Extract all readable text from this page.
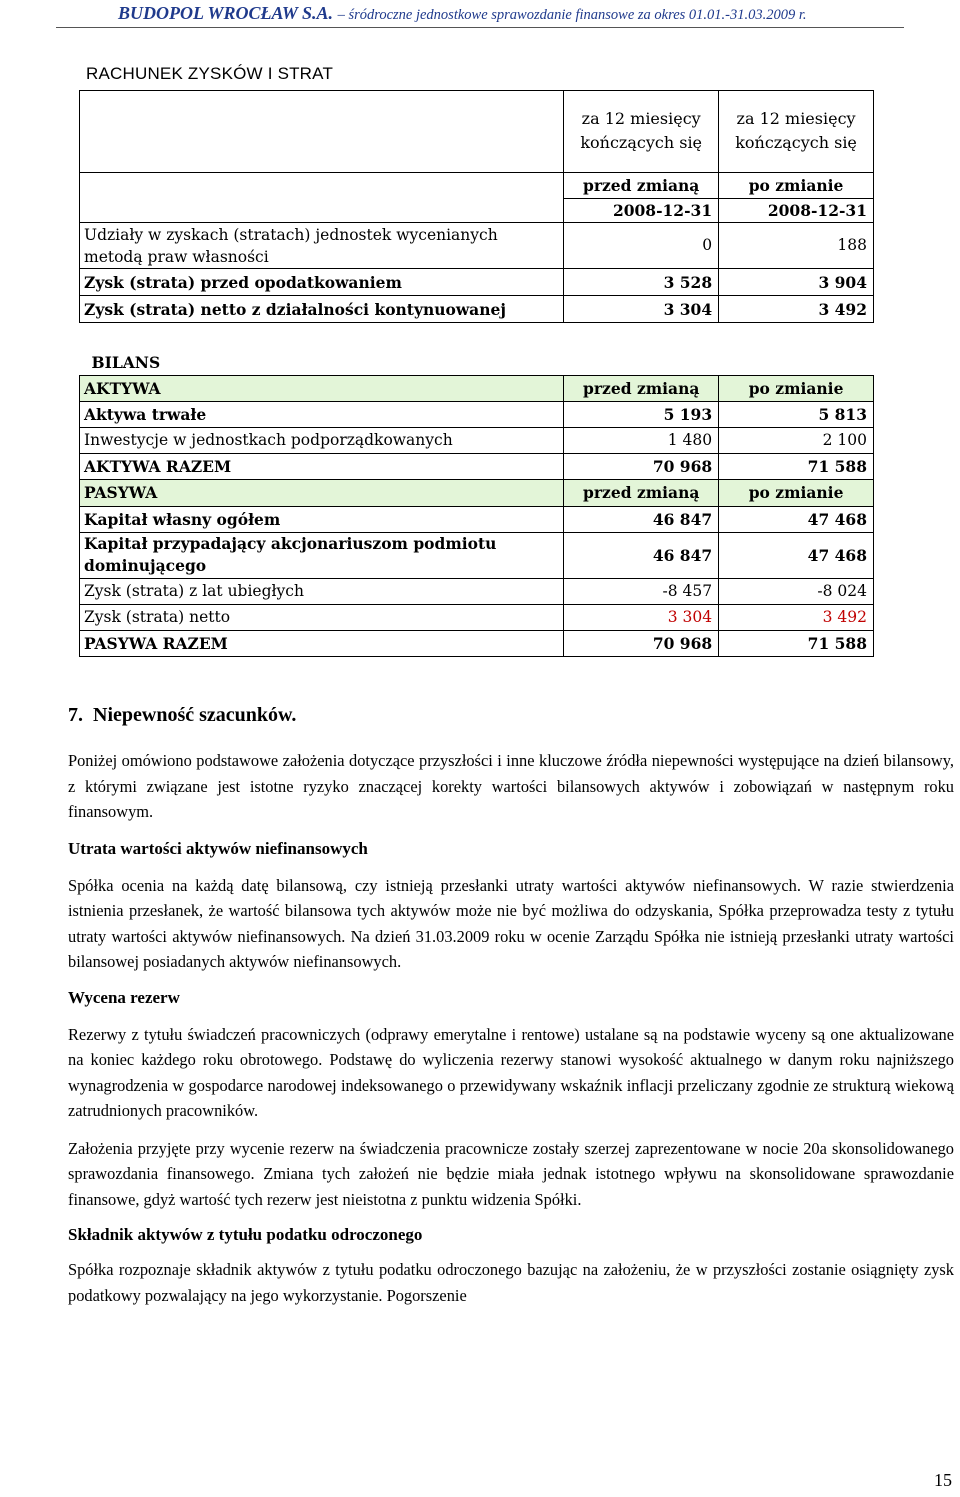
BUDOPOL WROCŁAW S.A. – śródroczne jednostkowe sprawozdanie finansowe za okres 01.01.-31.03.2009 r.
RACHUNEK ZYSKÓW I STRAT
	za 12 miesięcy kończących się	za 12 miesięcy kończących się
	przed zmianą	po zmianie
	2008-12-31	2008-12-31
Udziały w zyskach (stratach) jednostek wycenianych metodą praw własności	0	188
Zysk (strata) przed opodatkowaniem	3 528	3 904
Zysk (strata) netto z działalności kontynuowanej	3 304	3 492
BILANS		
AKTYWA	przed zmianą	po zmianie
Aktywa trwałe	5 193	5 813
Inwestycje w jednostkach podporządkowanych	1 480	2 100
AKTYWA RAZEM	70 968	71 588
PASYWA	przed zmianą	po zmianie
Kapitał własny ogółem	46 847	47 468
Kapitał przypadający akcjonariuszom podmiotu dominującego	46 847	47 468
Zysk (strata) z lat ubiegłych	-8 457	-8 024
Zysk (strata) netto	3 304	3 492
PASYWA RAZEM	70 968	71 588
7. Niepewność szacunków.

Poniżej omówiono podstawowe założenia dotyczące przyszłości i inne kluczowe źródła niepewności występujące na dzień bilansowy, z którymi związane jest istotne ryzyko znaczącej korekty wartości bilansowych aktywów i zobowiązań w następnym roku finansowym.

Utrata wartości aktywów niefinansowych

Spółka ocenia na każdą datę bilansową, czy istnieją przesłanki utraty wartości aktywów niefinansowych. W razie stwierdzenia istnienia przesłanek, że wartość bilansowa tych aktywów może nie być możliwa do odzyskania, Spółka przeprowadza testy z tytułu utraty wartości aktywów niefinansowych. Na dzień 31.03.2009 roku w ocenie Zarządu Spółka nie istnieją przesłanki utraty wartości bilansowej posiadanych aktywów niefinansowych.

Wycena rezerw

Rezerwy z tytułu świadczeń pracowniczych (odprawy emerytalne i rentowe) ustalane są na podstawie wyceny są one aktualizowane na koniec każdego roku obrotowego. Podstawę do wyliczenia rezerwy stanowi wysokość aktualnego w danym roku najniższego wynagrodzenia w gospodarce narodowej indeksowanego o przewidywany wskaźnik inflacji przeliczany zgodnie ze strukturą wiekową zatrudnionych pracowników.

Założenia przyjęte przy wycenie rezerw na świadczenia pracownicze zostały szerzej zaprezentowane w nocie 20a skonsolidowanego sprawozdania finansowego. Zmiana tych założeń nie będzie miała jednak istotnego wpływu na skonsolidowane sprawozdanie finansowe, gdyż wartość tych rezerw jest nieistotna z punktu widzenia Spółki.

Składnik aktywów z tytułu podatku odroczonego

Spółka rozpoznaje składnik aktywów z tytułu podatku odroczonego bazując na założeniu, że w przyszłości zostanie osiągnięty zysk podatkowy pozwalający na jego wykorzystanie. Pogorszenie

15
